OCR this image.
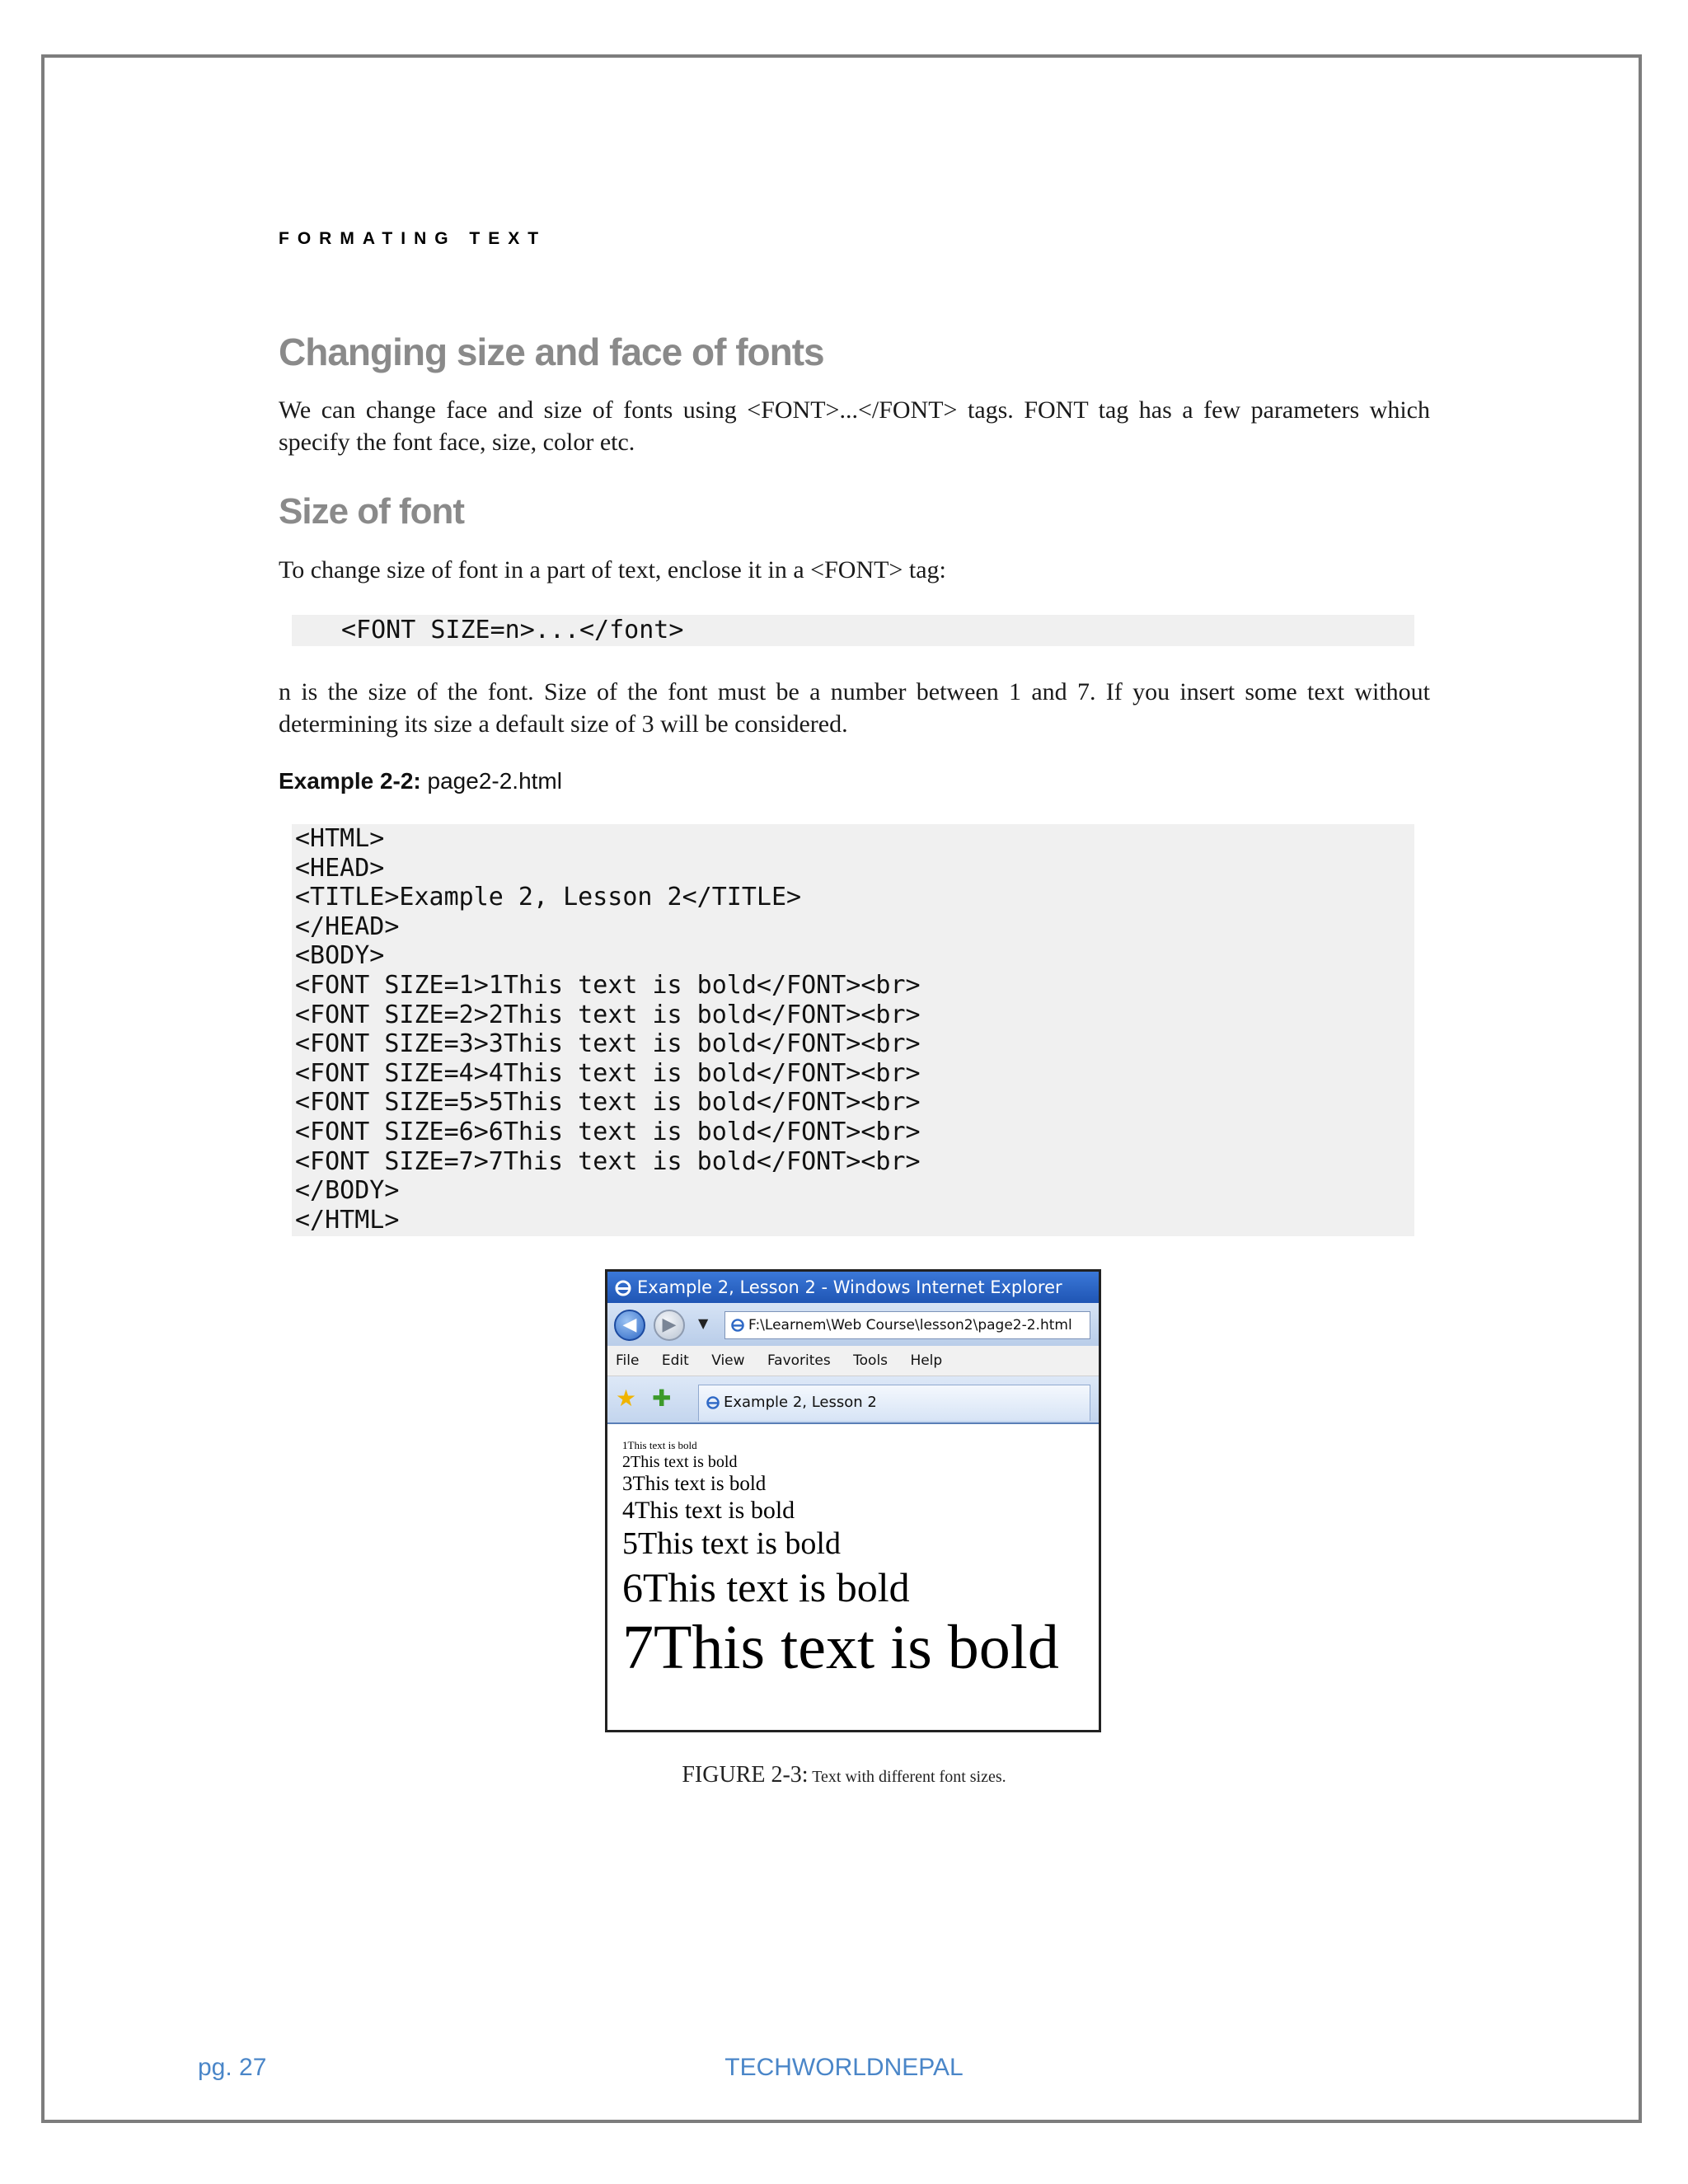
FORMATING TEXT
Changing size and face of fonts

We can change face and size of fonts using <FONT>...</FONT> tags. FONT tag has a few parameters which specify the font face, size, color etc.

Size of font

To change size of font in a part of text, enclose it in a <FONT> tag:

<FONT SIZE=n>...</font>

n is the size of the font. Size of the font must be a number between 1 and 7. If you insert some text without determining its size a default size of 3 will be considered.

Example 2-2: page2-2.html
<HTML>
<HEAD>
<TITLE>Example 2, Lesson 2</TITLE>
</HEAD>
<BODY>
<FONT SIZE=1>1This text is bold</FONT><br>
<FONT SIZE=2>2This text is bold</FONT><br>
<FONT SIZE=3>3This text is bold</FONT><br>
<FONT SIZE=4>4This text is bold</FONT><br>
<FONT SIZE=5>5This text is bold</FONT><br>
<FONT SIZE=6>6This text is bold</FONT><br>
<FONT SIZE=7>7This text is bold</FONT><br>
</BODY>
</HTML>
Example 2, Lesson 2 - Windows Internet Explorer
◀	▶	▼	F:\Learnem\Web Course\lesson2\page2-2.html
File Edit View Favorites Tools Help
★ ✚	Example 2, Lesson 2
1This text is bold
2This text is bold
3This text is bold
4This text is bold
5This text is bold
6This text is bold
7This text is bold
FIGURE 2-3: Text with different font sizes.
pg. 27	TECHWORLDNEPAL
